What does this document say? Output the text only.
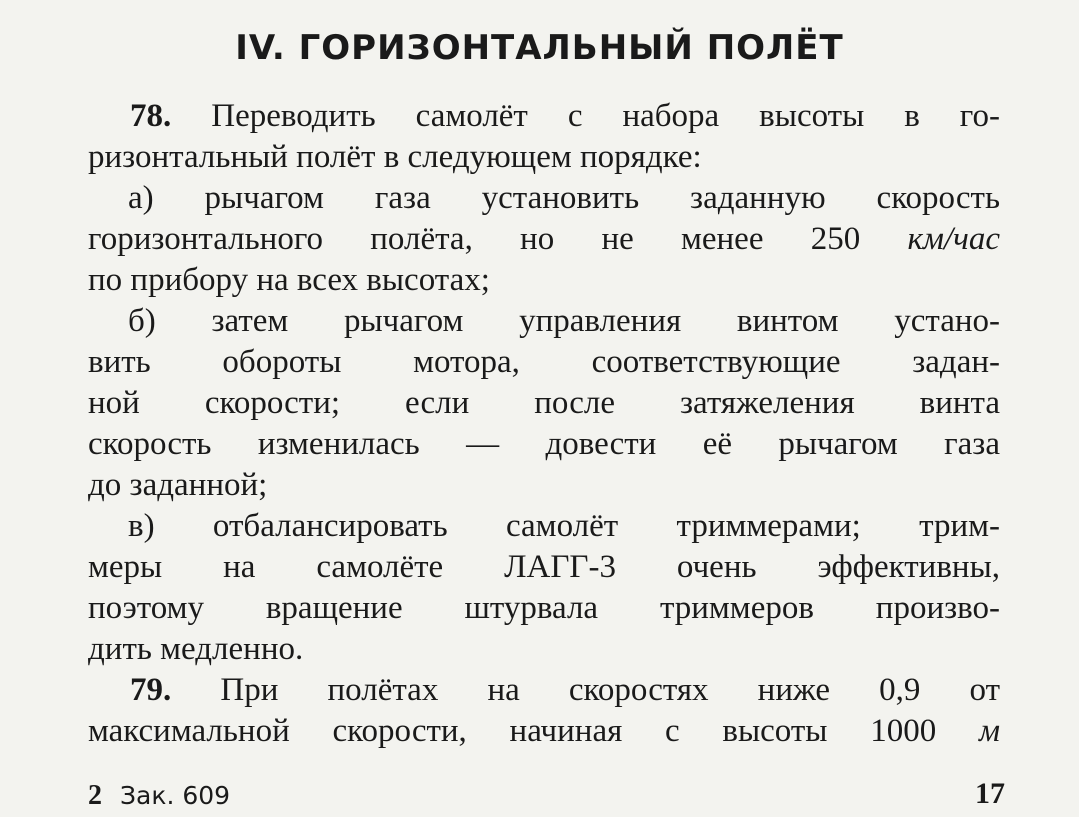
IV. ГОРИЗОНТАЛЬНЫЙ ПОЛЁТ

78. Переводить самолёт с набора высоты в го-

ризонтальный полёт в следующем порядке:

а) рычагом газа установить заданную скорость

горизонтального полёта, но не менее 250 км/час

по прибору на всех высотах;

б) затем рычагом управления винтом устано-

вить обороты мотора, соответствующие задан-

ной скорости; если после затяжеления винта

скорость изменилась — довести её рычагом газа

до заданной;

в) отбалансировать самолёт триммерами; трим-

меры на самолёте ЛАГГ-3 очень эффективны,

поэтому вращение штурвала триммеров произво-

дить медленно.

79. При полётах на скоростях ниже 0,9 от

максимальной скорости, начиная с высоты 1000 м

2 Зак. 609	17
